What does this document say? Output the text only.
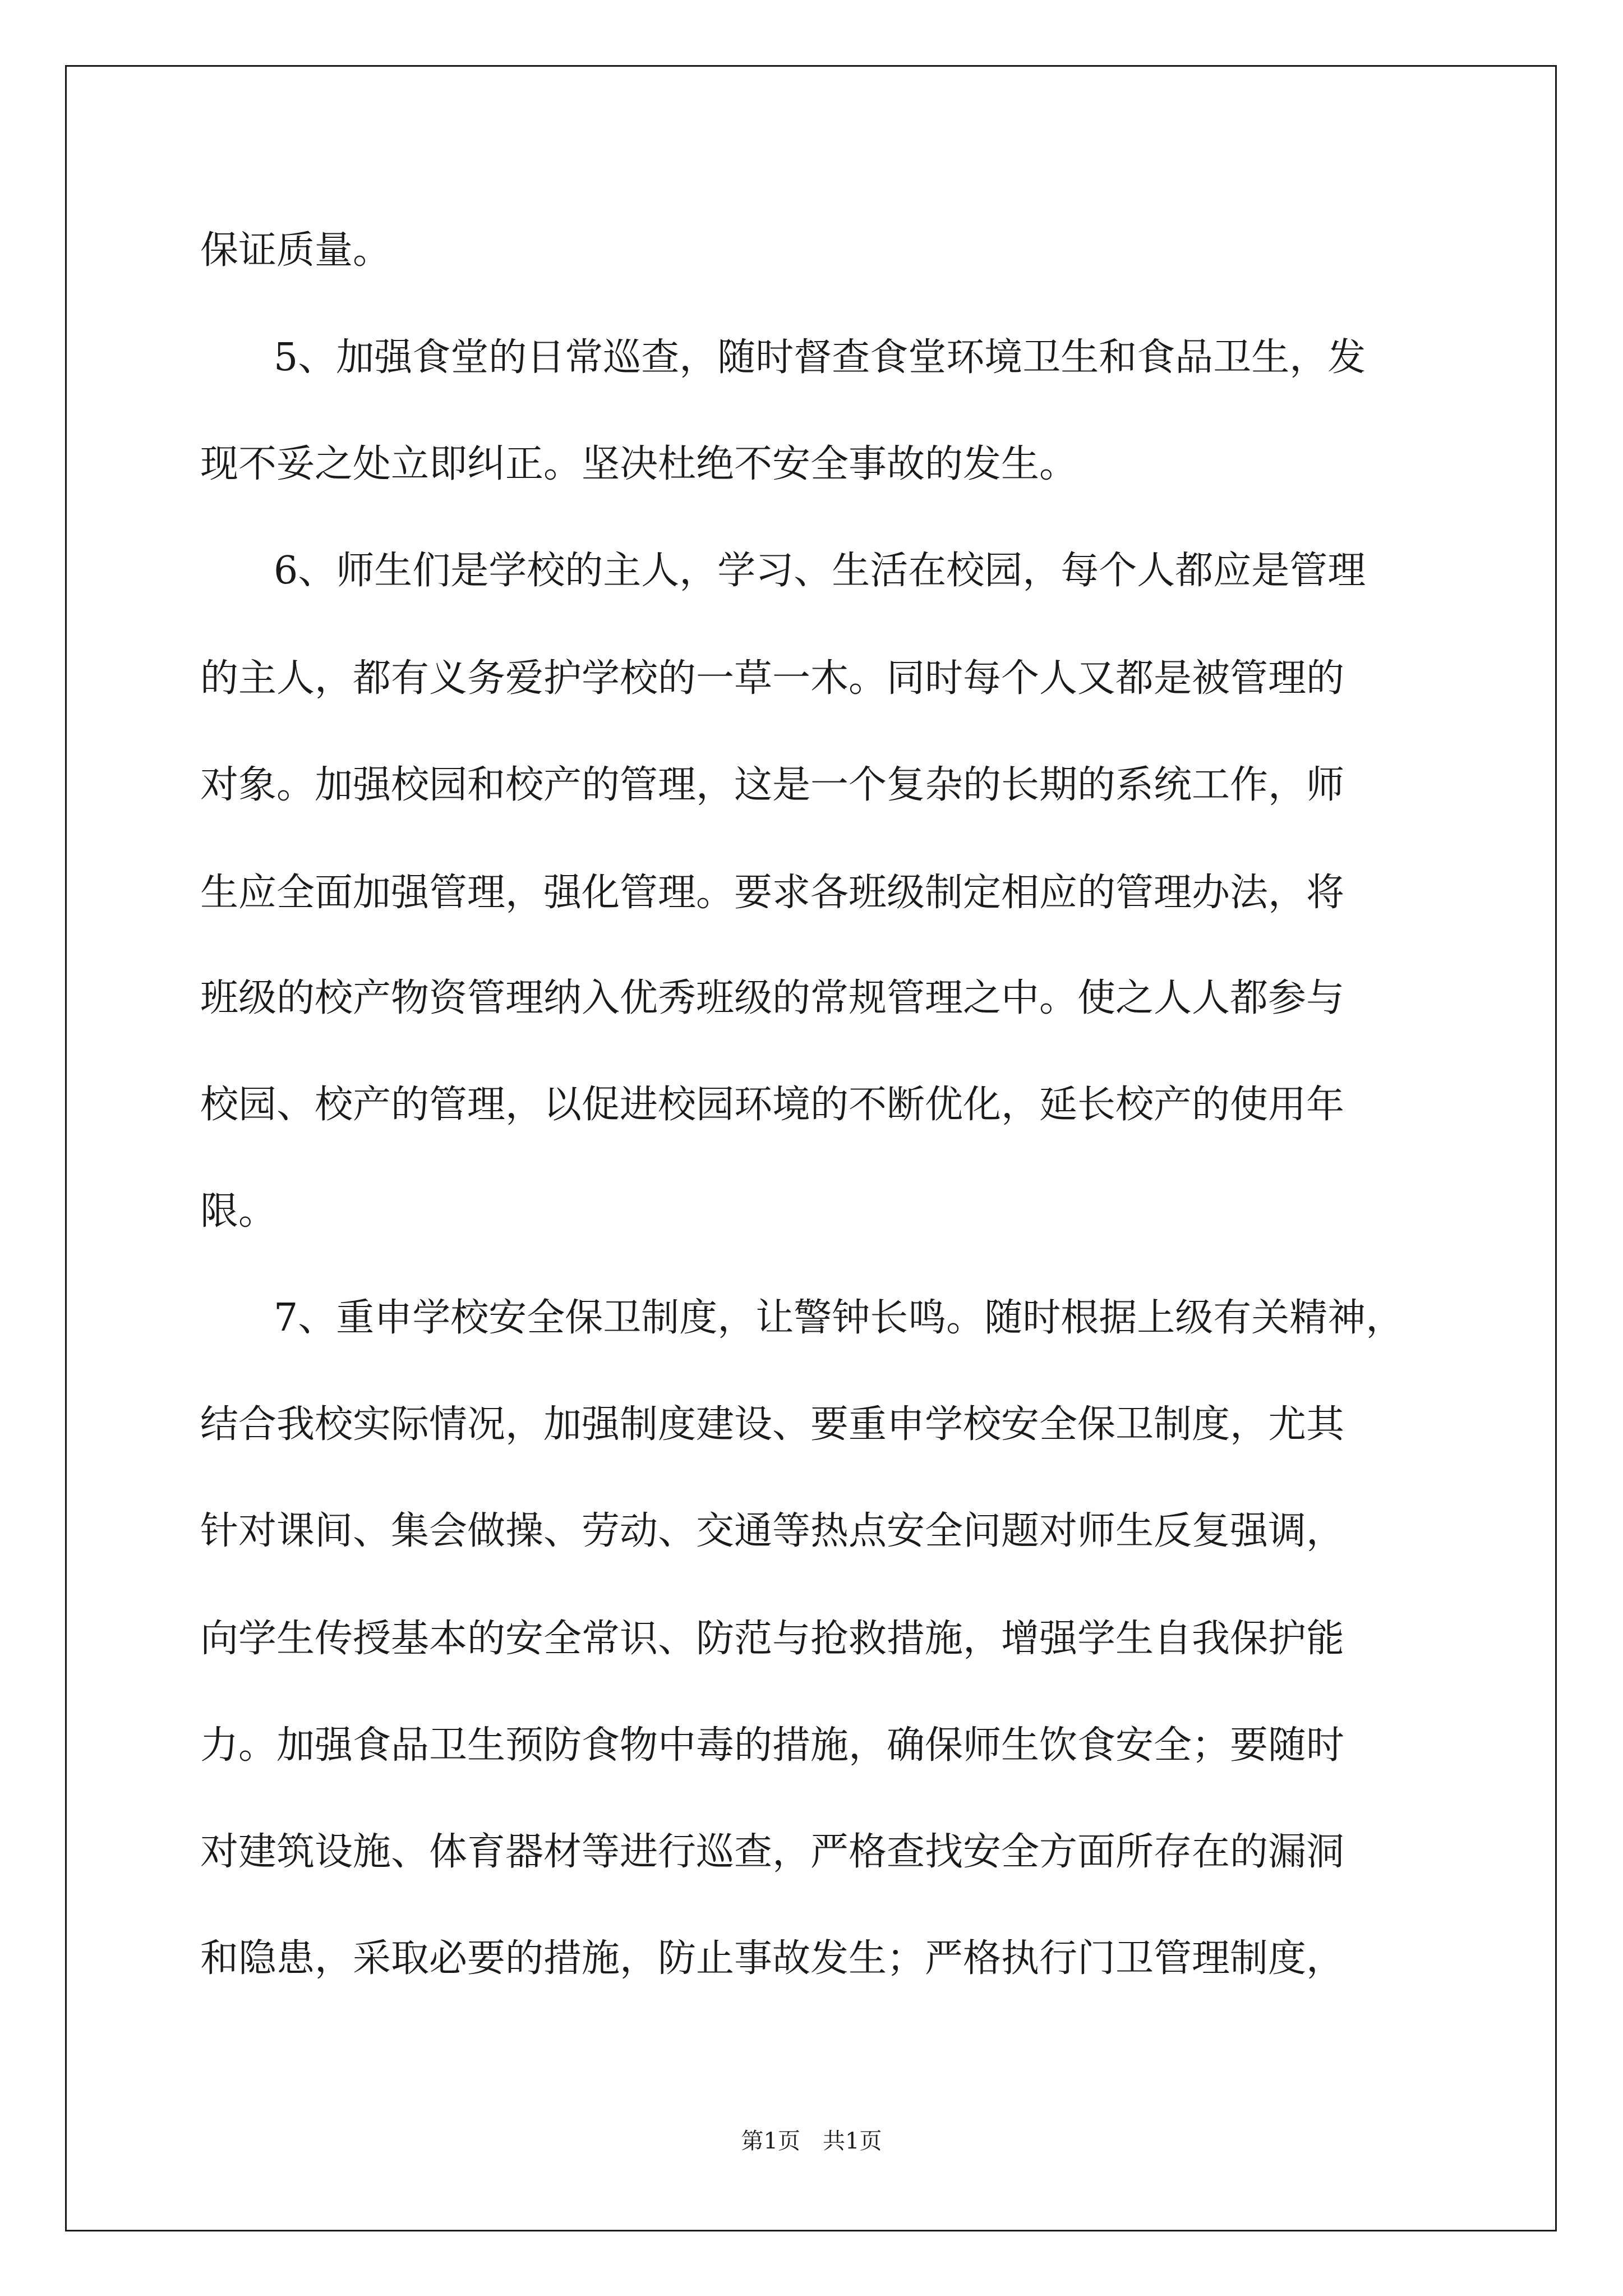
保证质量。
5、加强食堂的日常巡查，随时督查食堂环境卫生和食品卫生，发
现不妥之处立即纠正。坚决杜绝不安全事故的发生。
6、师生们是学校的主人，学习、生活在校园，每个人都应是管理
的主人，都有义务爱护学校的一草一木。同时每个人又都是被管理的
对象。加强校园和校产的管理，这是一个复杂的长期的系统工作，师
生应全面加强管理，强化管理。要求各班级制定相应的管理办法，将
班级的校产物资管理纳入优秀班级的常规管理之中。使之人人都参与
校园、校产的管理，以促进校园环境的不断优化，延长校产的使用年
限。
7、重申学校安全保卫制度，让警钟长鸣。随时根据上级有关精神，
结合我校实际情况，加强制度建设、要重申学校安全保卫制度，尤其
针对课间、集会做操、劳动、交通等热点安全问题对师生反复强调，
向学生传授基本的安全常识、防范与抢救措施，增强学生自我保护能
力。加强食品卫生预防食物中毒的措施，确保师生饮食安全；要随时
对建筑设施、体育器材等进行巡查，严格查找安全方面所存在的漏洞
和隐患，采取必要的措施，防止事故发生；严格执行门卫管理制度，
第1页　共1页
